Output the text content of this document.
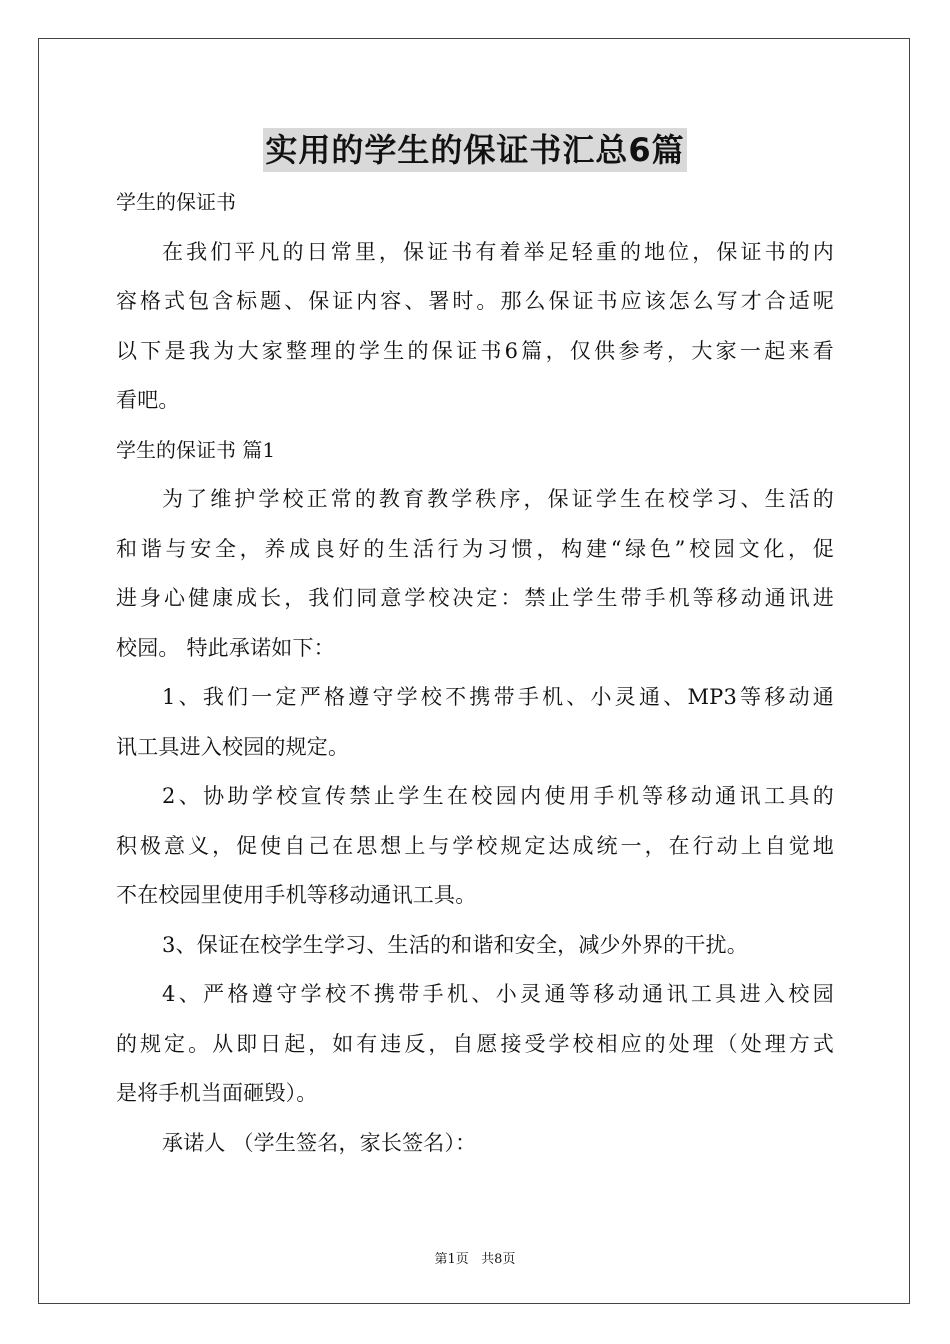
实用的学生的保证书汇总6篇
学生的保证书
在我们平凡的日常里，保证书有着举足轻重的地位，保证书的内
容格式包含标题、保证内容、署时。那么保证书应该怎么写才合适呢
以下是我为大家整理的学生的保证书6篇，仅供参考，大家一起来看
看吧。
学生的保证书 篇1
为了维护学校正常的教育教学秩序，保证学生在校学习、生活的
和谐与安全，养成良好的生活行为习惯，构建“绿色”校园文化，促
进身心健康成长，我们同意学校决定：禁止学生带手机等移动通讯进
校园。 特此承诺如下：
1、我们一定严格遵守学校不携带手机、小灵通、MP3等移动通
讯工具进入校园的规定。
2、协助学校宣传禁止学生在校园内使用手机等移动通讯工具的
积极意义，促使自己在思想上与学校规定达成统一，在行动上自觉地
不在校园里使用手机等移动通讯工具。
3、保证在校学生学习、生活的和谐和安全，减少外界的干扰。
4、严格遵守学校不携带手机、小灵通等移动通讯工具进入校园
的规定。从即日起，如有违反，自愿接受学校相应的处理（处理方式
是将手机当面砸毁）。
承诺人 （学生签名，家长签名）：
第1页   共8页
